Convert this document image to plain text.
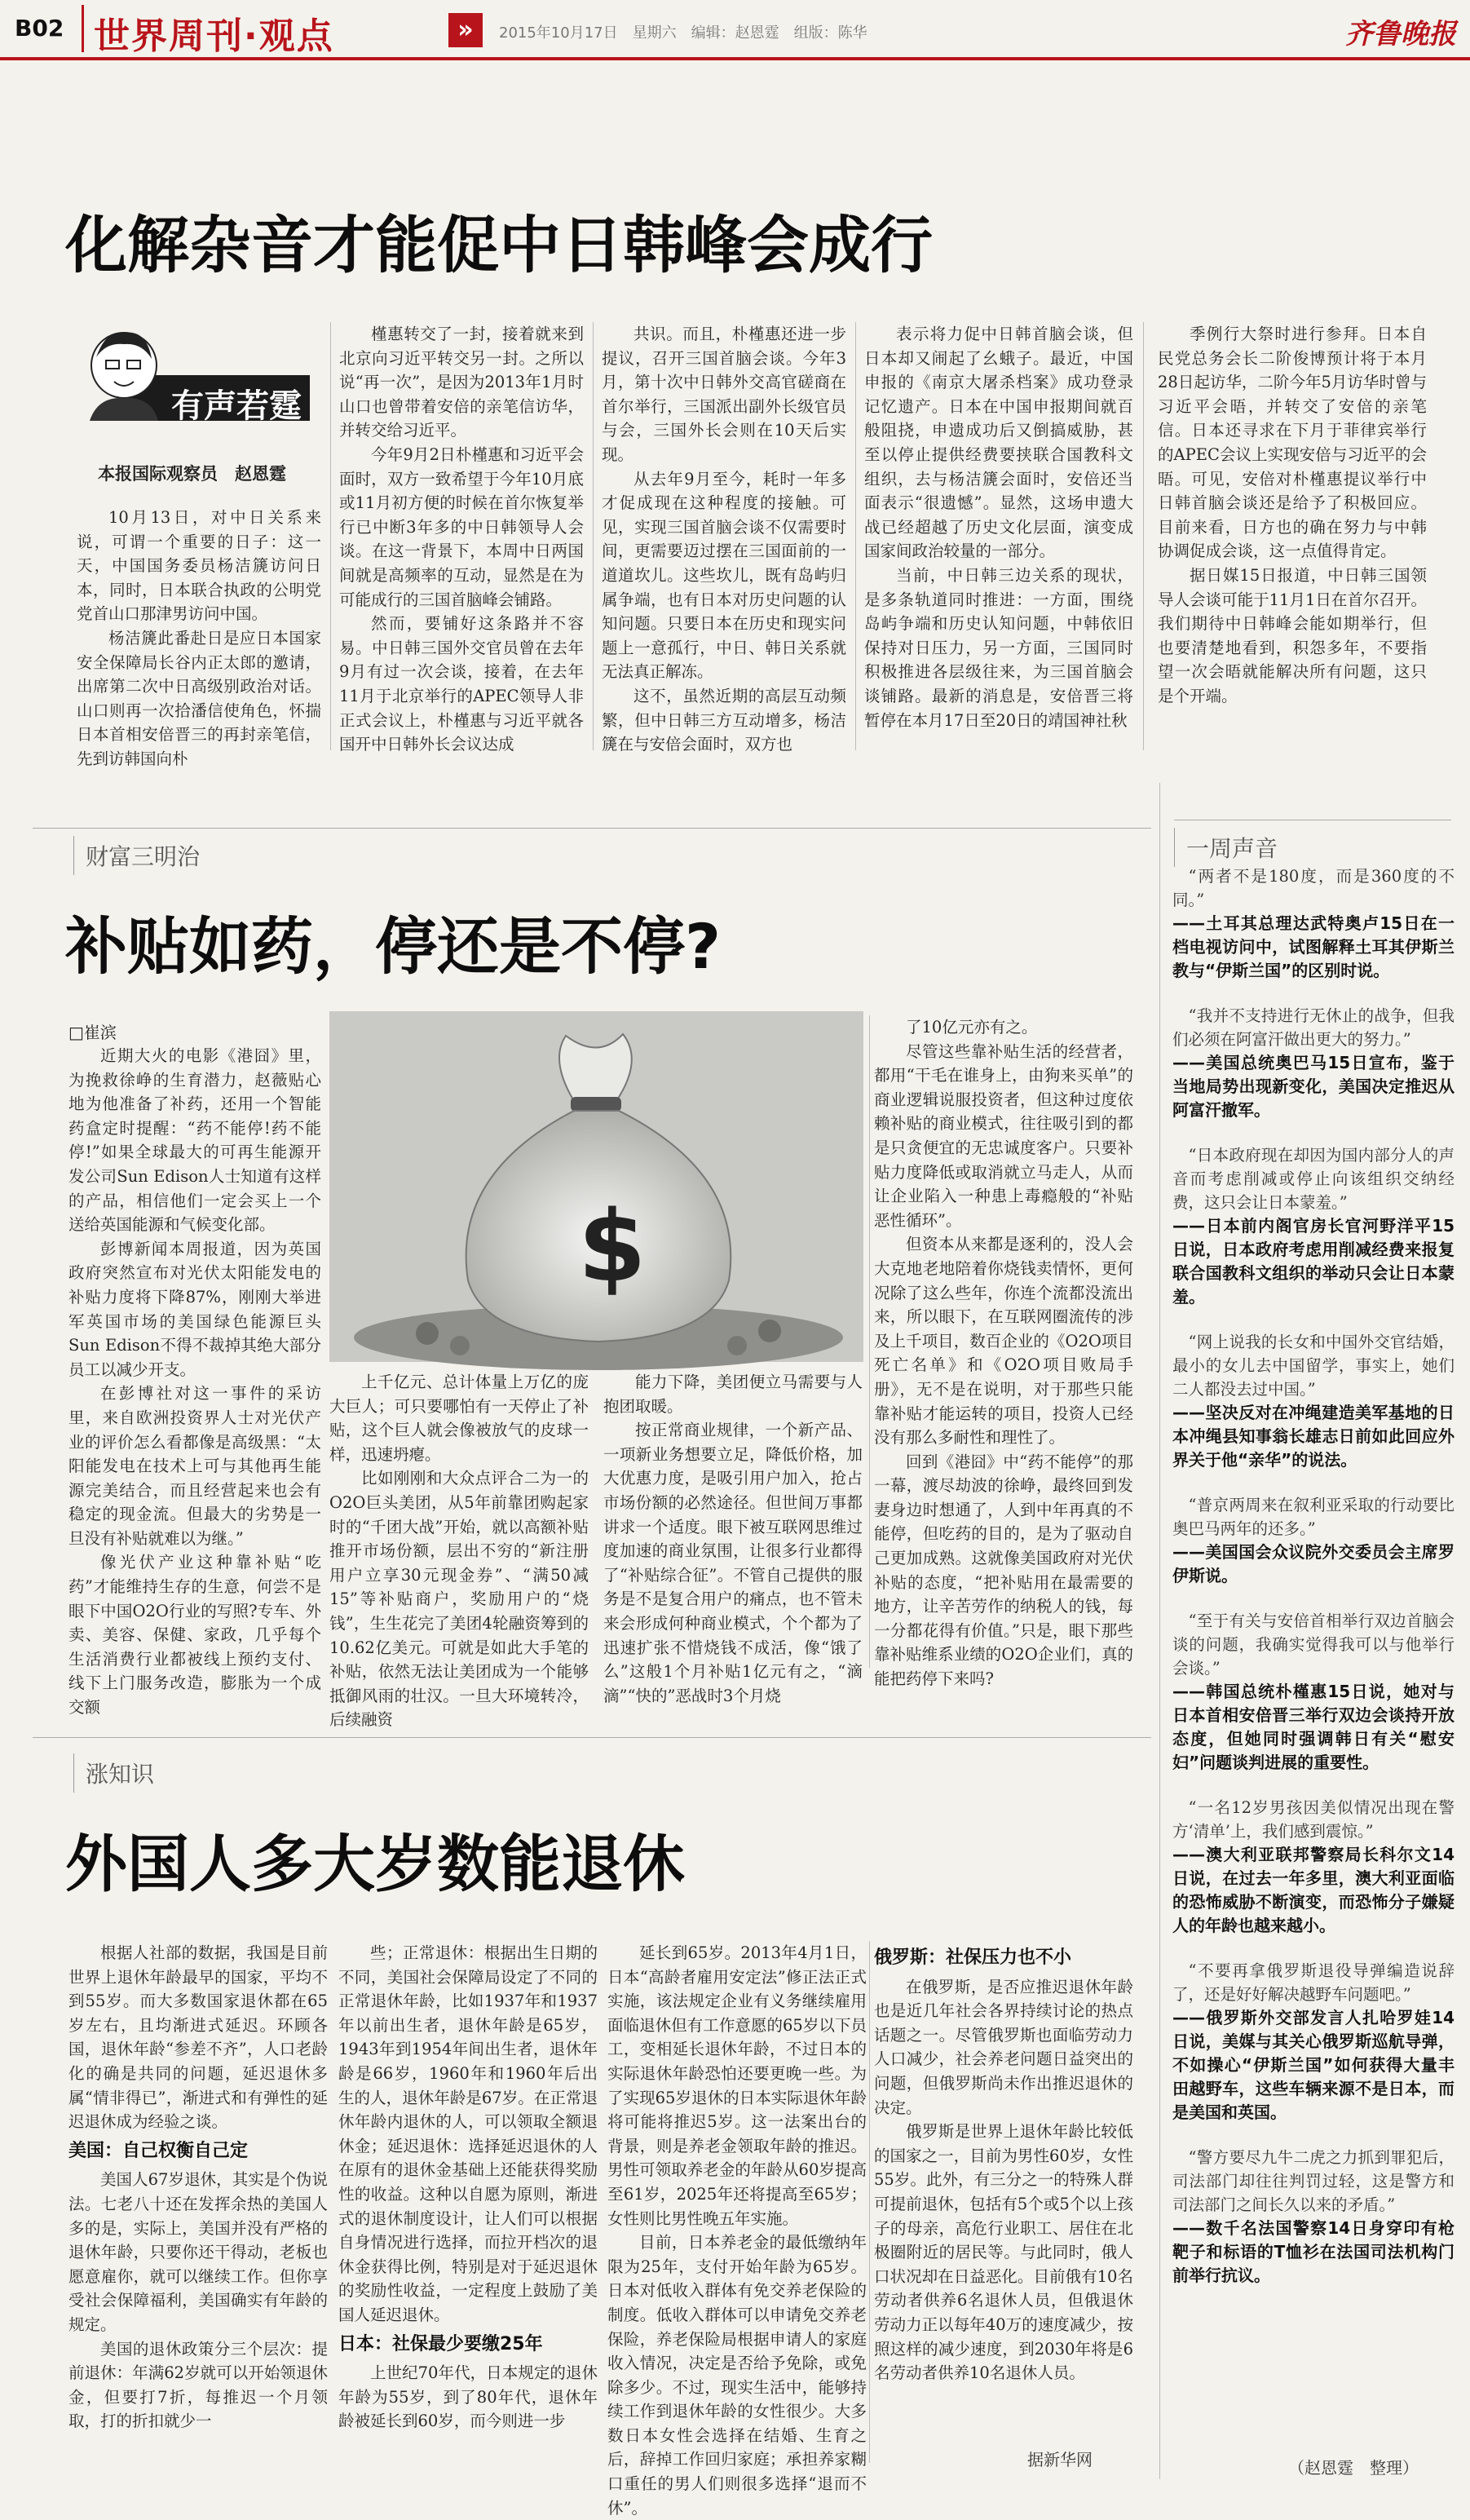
B02 世界周刊·观点	»	2015年10月17日　星期六　编辑：赵恩霆　组版：陈华	齐鲁晚报
化解杂音才能促中日韩峰会成行
有声若霆
本报国际观察员　赵恩霆

10月13日，对中日关系来说，可谓一个重要的日子：这一天，中国国务委员杨洁篪访问日本，同时，日本联合执政的公明党党首山口那津男访问中国。

杨洁篪此番赴日是应日本国家安全保障局长谷内正太郎的邀请，出席第二次中日高级别政治对话。山口则再一次拾潘信使角色，怀揣日本首相安倍晋三的再封亲笔信，先到访韩国向朴

槿惠转交了一封，接着就来到北京向习近平转交另一封。之所以说“再一次”，是因为2013年1月时山口也曾带着安倍的亲笔信访华，并转交给习近平。

今年9月2日朴槿惠和习近平会面时，双方一致希望于今年10月底或11月初方便的时候在首尔恢复举行已中断3年多的中日韩领导人会谈。在这一背景下，本周中日两国间就是高频率的互动，显然是在为可能成行的三国首脑峰会铺路。

然而，要铺好这条路并不容易。中日韩三国外交官员曾在去年9月有过一次会谈，接着，在去年11月于北京举行的APEC领导人非正式会议上，朴槿惠与习近平就各国开中日韩外长会议达成

共识。而且，朴槿惠还进一步提议，召开三国首脑会谈。今年3月，第十次中日韩外交高官磋商在首尔举行，三国派出副外长级官员与会，三国外长会则在10天后实现。

从去年9月至今，耗时一年多才促成现在这种程度的接触。可见，实现三国首脑会谈不仅需要时间，更需要迈过摆在三国面前的一道道坎儿。这些坎儿，既有岛屿归属争端，也有日本对历史问题的认知问题。只要日本在历史和现实问题上一意孤行，中日、韩日关系就无法真正解冻。

这不，虽然近期的高层互动频繁，但中日韩三方互动增多，杨洁篪在与安倍会面时，双方也

表示将力促中日韩首脑会谈，但日本却又闹起了幺蛾子。最近，中国申报的《南京大屠杀档案》成功登录记忆遗产。日本在中国申报期间就百般阻挠，申遗成功后又倒搞威胁，甚至以停止提供经费要挟联合国教科文组织，去与杨洁篪会面时，安倍还当面表示“很遗憾”。显然，这场申遗大战已经超越了历史文化层面，演变成国家间政治较量的一部分。

当前，中日韩三边关系的现状，是多条轨道同时推进：一方面，围绕岛屿争端和历史认知问题，中韩依旧保持对日压力，另一方面，三国同时积极推进各层级往来，为三国首脑会谈铺路。最新的消息是，安倍晋三将暂停在本月17日至20日的靖国神社秋

季例行大祭时进行参拜。日本自民党总务会长二阶俊博预计将于本月28日起访华，二阶今年5月访华时曾与习近平会晤，并转交了安倍的亲笔信。日本还寻求在下月于菲律宾举行的APEC会议上实现安倍与习近平的会晤。可见，安倍对朴槿惠提议举行中日韩首脑会谈还是给予了积极回应。目前来看，日方也的确在努力与中韩协调促成会谈，这一点值得肯定。

据日媒15日报道，中日韩三国领导人会谈可能于11月1日在首尔召开。我们期待中日韩峰会能如期举行，但也要清楚地看到，积怨多年，不要指望一次会晤就能解决所有问题，这只是个开端。

财富三明治
补贴如药，停还是不停?
□崔滨

近期大火的电影《港囧》里，为挽救徐峥的生育潜力，赵薇贴心地为他准备了补药，还用一个智能药盒定时提醒：“药不能停!药不能停!”如果全球最大的可再生能源开发公司Sun Edison人士知道有这样的产品，相信他们一定会买上一个送给英国能源和气候变化部。

彭博新闻本周报道，因为英国政府突然宣布对光伏太阳能发电的补贴力度将下降87%，刚刚大举进军英国市场的美国绿色能源巨头Sun Edison不得不裁掉其绝大部分员工以减少开支。

在彭博社对这一事件的采访里，来自欧洲投资界人士对光伏产业的评价怎么看都像是高级黑：“太阳能发电在技术上可与其他再生能源完美结合，而且经营起来也会有稳定的现金流。但最大的劣势是一旦没有补贴就难以为继。”

像光伏产业这种靠补贴“吃药”才能维持生存的生意，何尝不是眼下中国O2O行业的写照?专车、外卖、美容、保健、家政，几乎每个生活消费行业都被线上预约支付、线下上门服务改造，膨胀为一个成交额

$

上千亿元、总计体量上万亿的庞大巨人；可只要哪怕有一天停止了补贴，这个巨人就会像被放气的皮球一样，迅速坍瘪。

比如刚刚和大众点评合二为一的O2O巨头美团，从5年前靠团购起家时的“千团大战”开始，就以高额补贴推开市场份额，层出不穷的“新注册用户立享30元现金券”、“满50减15”等补贴商户，奖励用户的“烧钱”，生生花完了美团4轮融资筹到的10.62亿美元。可就是如此大手笔的补贴，依然无法让美团成为一个能够抵御风雨的壮汉。一旦大环境转冷，后续融资

能力下降，美团便立马需要与人抱团取暖。

按正常商业规律，一个新产品、一项新业务想要立足，降低价格，加大优惠力度，是吸引用户加入，抢占市场份额的必然途径。但世间万事都讲求一个适度。眼下被互联网思维过度加速的商业氛围，让很多行业都得了“补贴综合征”。不管自己提供的服务是不是复合用户的痛点，也不管未来会形成何种商业模式，个个都为了迅速扩张不惜烧钱不成活，像“饿了么”这般1个月补贴1亿元有之，“滴滴”“快的”恶战时3个月烧

了10亿元亦有之。

尽管这些靠补贴生活的经营者，都用“干毛在谁身上，由狗来买单”的商业逻辑说服投资者，但这种过度依赖补贴的商业模式，往往吸引到的都是只贪便宜的无忠诚度客户。只要补贴力度降低或取消就立马走人，从而让企业陷入一种患上毒瘾般的“补贴恶性循环”。

但资本从来都是逐利的，没人会大克地老地陪着你烧钱卖情怀，更何况除了这么些年，你连个流都没流出来，所以眼下，在互联网圈流传的涉及上千项目，数百企业的《O2O项目死亡名单》和《O2O项目败局手册》，无不是在说明，对于那些只能靠补贴才能运转的项目，投资人已经没有那么多耐性和理性了。

回到《港囧》中“药不能停”的那一幕，渡尽劫波的徐峥，最终回到发妻身边时想通了，人到中年再真的不能停，但吃药的目的，是为了驱动自己更加成熟。这就像美国政府对光伏补贴的态度，“把补贴用在最需要的地方，让辛苦劳作的纳税人的钱，每一分都花得有价值。”只是，眼下那些靠补贴维系业绩的O2O企业们，真的能把药停下来吗?

涨知识
外国人多大岁数能退休

根据人社部的数据，我国是目前世界上退休年龄最早的国家，平均不到55岁。而大多数国家退休都在65岁左右，且均渐进式延迟。环顾各国，退休年龄“参差不齐”，人口老龄化的确是共同的问题，延迟退休多属“情非得已”，渐进式和有弹性的延迟退休成为经验之谈。

美国：自己权衡自己定

美国人67岁退休，其实是个伪说法。七老八十还在发挥余热的美国人多的是，实际上，美国并没有严格的退休年龄，只要你还干得动，老板也愿意雇你，就可以继续工作。但你享受社会保障福利，美国确实有年龄的规定。

美国的退休政策分三个层次：提前退休：年满62岁就可以开始领退休金，但要打7折，每推迟一个月领取，打的折扣就少一

些；正常退休：根据出生日期的不同，美国社会保障局设定了不同的正常退休年龄，比如1937年和1937年以前出生者，退休年龄是65岁，1943年到1954年间出生者，退休年龄是66岁，1960年和1960年后出生的人，退休年龄是67岁。在正常退休年龄内退休的人，可以领取全额退休金；延迟退休：选择延迟退休的人在原有的退休金基础上还能获得奖励性的收益。这种以自愿为原则，渐进式的退休制度设计，让人们可以根据自身情况进行选择，而拉开档次的退休金获得比例，特别是对于延迟退休的奖励性收益，一定程度上鼓励了美国人延迟退休。

日本：社保最少要缴25年

上世纪70年代，日本规定的退休年龄为55岁，到了80年代，退休年龄被延长到60岁，而今则进一步

延长到65岁。2013年4月1日，日本“高龄者雇用安定法”修正法正式实施，该法规定企业有义务继续雇用面临退休但有工作意愿的65岁以下员工，变相延长退休年龄，不过日本的实际退休年龄恐怕还要更晚一些。为了实现65岁退休的日本实际退休年龄将可能将推迟5岁。这一法案出台的背景，则是养老金领取年龄的推迟。男性可领取养老金的年龄从60岁提高至61岁，2025年还将提高至65岁；女性则比男性晚五年实施。

目前，日本养老金的最低缴纳年限为25年，支付开始年龄为65岁。日本对低收入群体有免交养老保险的制度。低收入群体可以申请免交养老保险，养老保险局根据申请人的家庭收入情况，决定是否给予免除，或免除多少。不过，现实生活中，能够持续工作到退休年龄的女性很少。大多数日本女性会选择在结婚、生育之后，辞掉工作回归家庭；承担养家糊口重任的男人们则很多选择“退而不休”。

俄罗斯：社保压力也不小

在俄罗斯，是否应推迟退休年龄也是近几年社会各界持续讨论的热点话题之一。尽管俄罗斯也面临劳动力人口减少，社会养老问题日益突出的问题，但俄罗斯尚未作出推迟退休的决定。

俄罗斯是世界上退休年龄比较低的国家之一，目前为男性60岁，女性55岁。此外，有三分之一的特殊人群可提前退休，包括有5个或5个以上孩子的母亲，高危行业职工、居住在北极圈附近的居民等。与此同时，俄人口状况却在日益恶化。目前俄有10名劳动者供养6名退休人员，但俄退休劳动力正以每年40万的速度减少，按照这样的减少速度，到2030年将是6名劳动者供养10名退休人员。

据新华网
一周声音
“两者不是180度，而是360度的不同。”
——土耳其总理达武特奥卢15日在一档电视访问中，试图解释土耳其伊斯兰教与“伊斯兰国”的区别时说。
“我并不支持进行无休止的战争，但我们必须在阿富汗做出更大的努力。”
——美国总统奥巴马15日宣布，鉴于当地局势出现新变化，美国决定推迟从阿富汗撤军。
“日本政府现在却因为国内部分人的声音而考虑削减或停止向该组织交纳经费，这只会让日本蒙羞。”
——日本前内阁官房长官河野洋平15日说，日本政府考虑用削减经费来报复联合国教科文组织的举动只会让日本蒙羞。
“网上说我的长女和中国外交官结婚，最小的女儿去中国留学，事实上，她们二人都没去过中国。”
——坚决反对在冲绳建造美军基地的日本冲绳县知事翁长雄志日前如此回应外界关于他“亲华”的说法。
“普京两周来在叙利亚采取的行动要比奥巴马两年的还多。”
——美国国会众议院外交委员会主席罗伊斯说。
“至于有关与安倍首相举行双边首脑会谈的问题，我确实觉得我可以与他举行会谈。”
——韩国总统朴槿惠15日说，她对与日本首相安倍晋三举行双边会谈持开放态度，但她同时强调韩日有关“慰安妇”问题谈判进展的重要性。
“一名12岁男孩因美似情况出现在警方‘清单’上，我们感到震惊。”
——澳大利亚联邦警察局长科尔文14日说，在过去一年多里，澳大利亚面临的恐怖威胁不断演变，而恐怖分子嫌疑人的年龄也越来越小。
“不要再拿俄罗斯退役导弹编造说辞了，还是好好解决越野车问题吧。”
——俄罗斯外交部发言人扎哈罗娃14日说，美媒与其关心俄罗斯巡航导弹，不如操心“伊斯兰国”如何获得大量丰田越野车，这些车辆来源不是日本，而是美国和英国。
“警方要尽九牛二虎之力抓到罪犯后，司法部门却往往判罚过轻，这是警方和司法部门之间长久以来的矛盾。”
——数千名法国警察14日身穿印有枪靶子和标语的T恤衫在法国司法机构门前举行抗议。
（赵恩霆　整理）
